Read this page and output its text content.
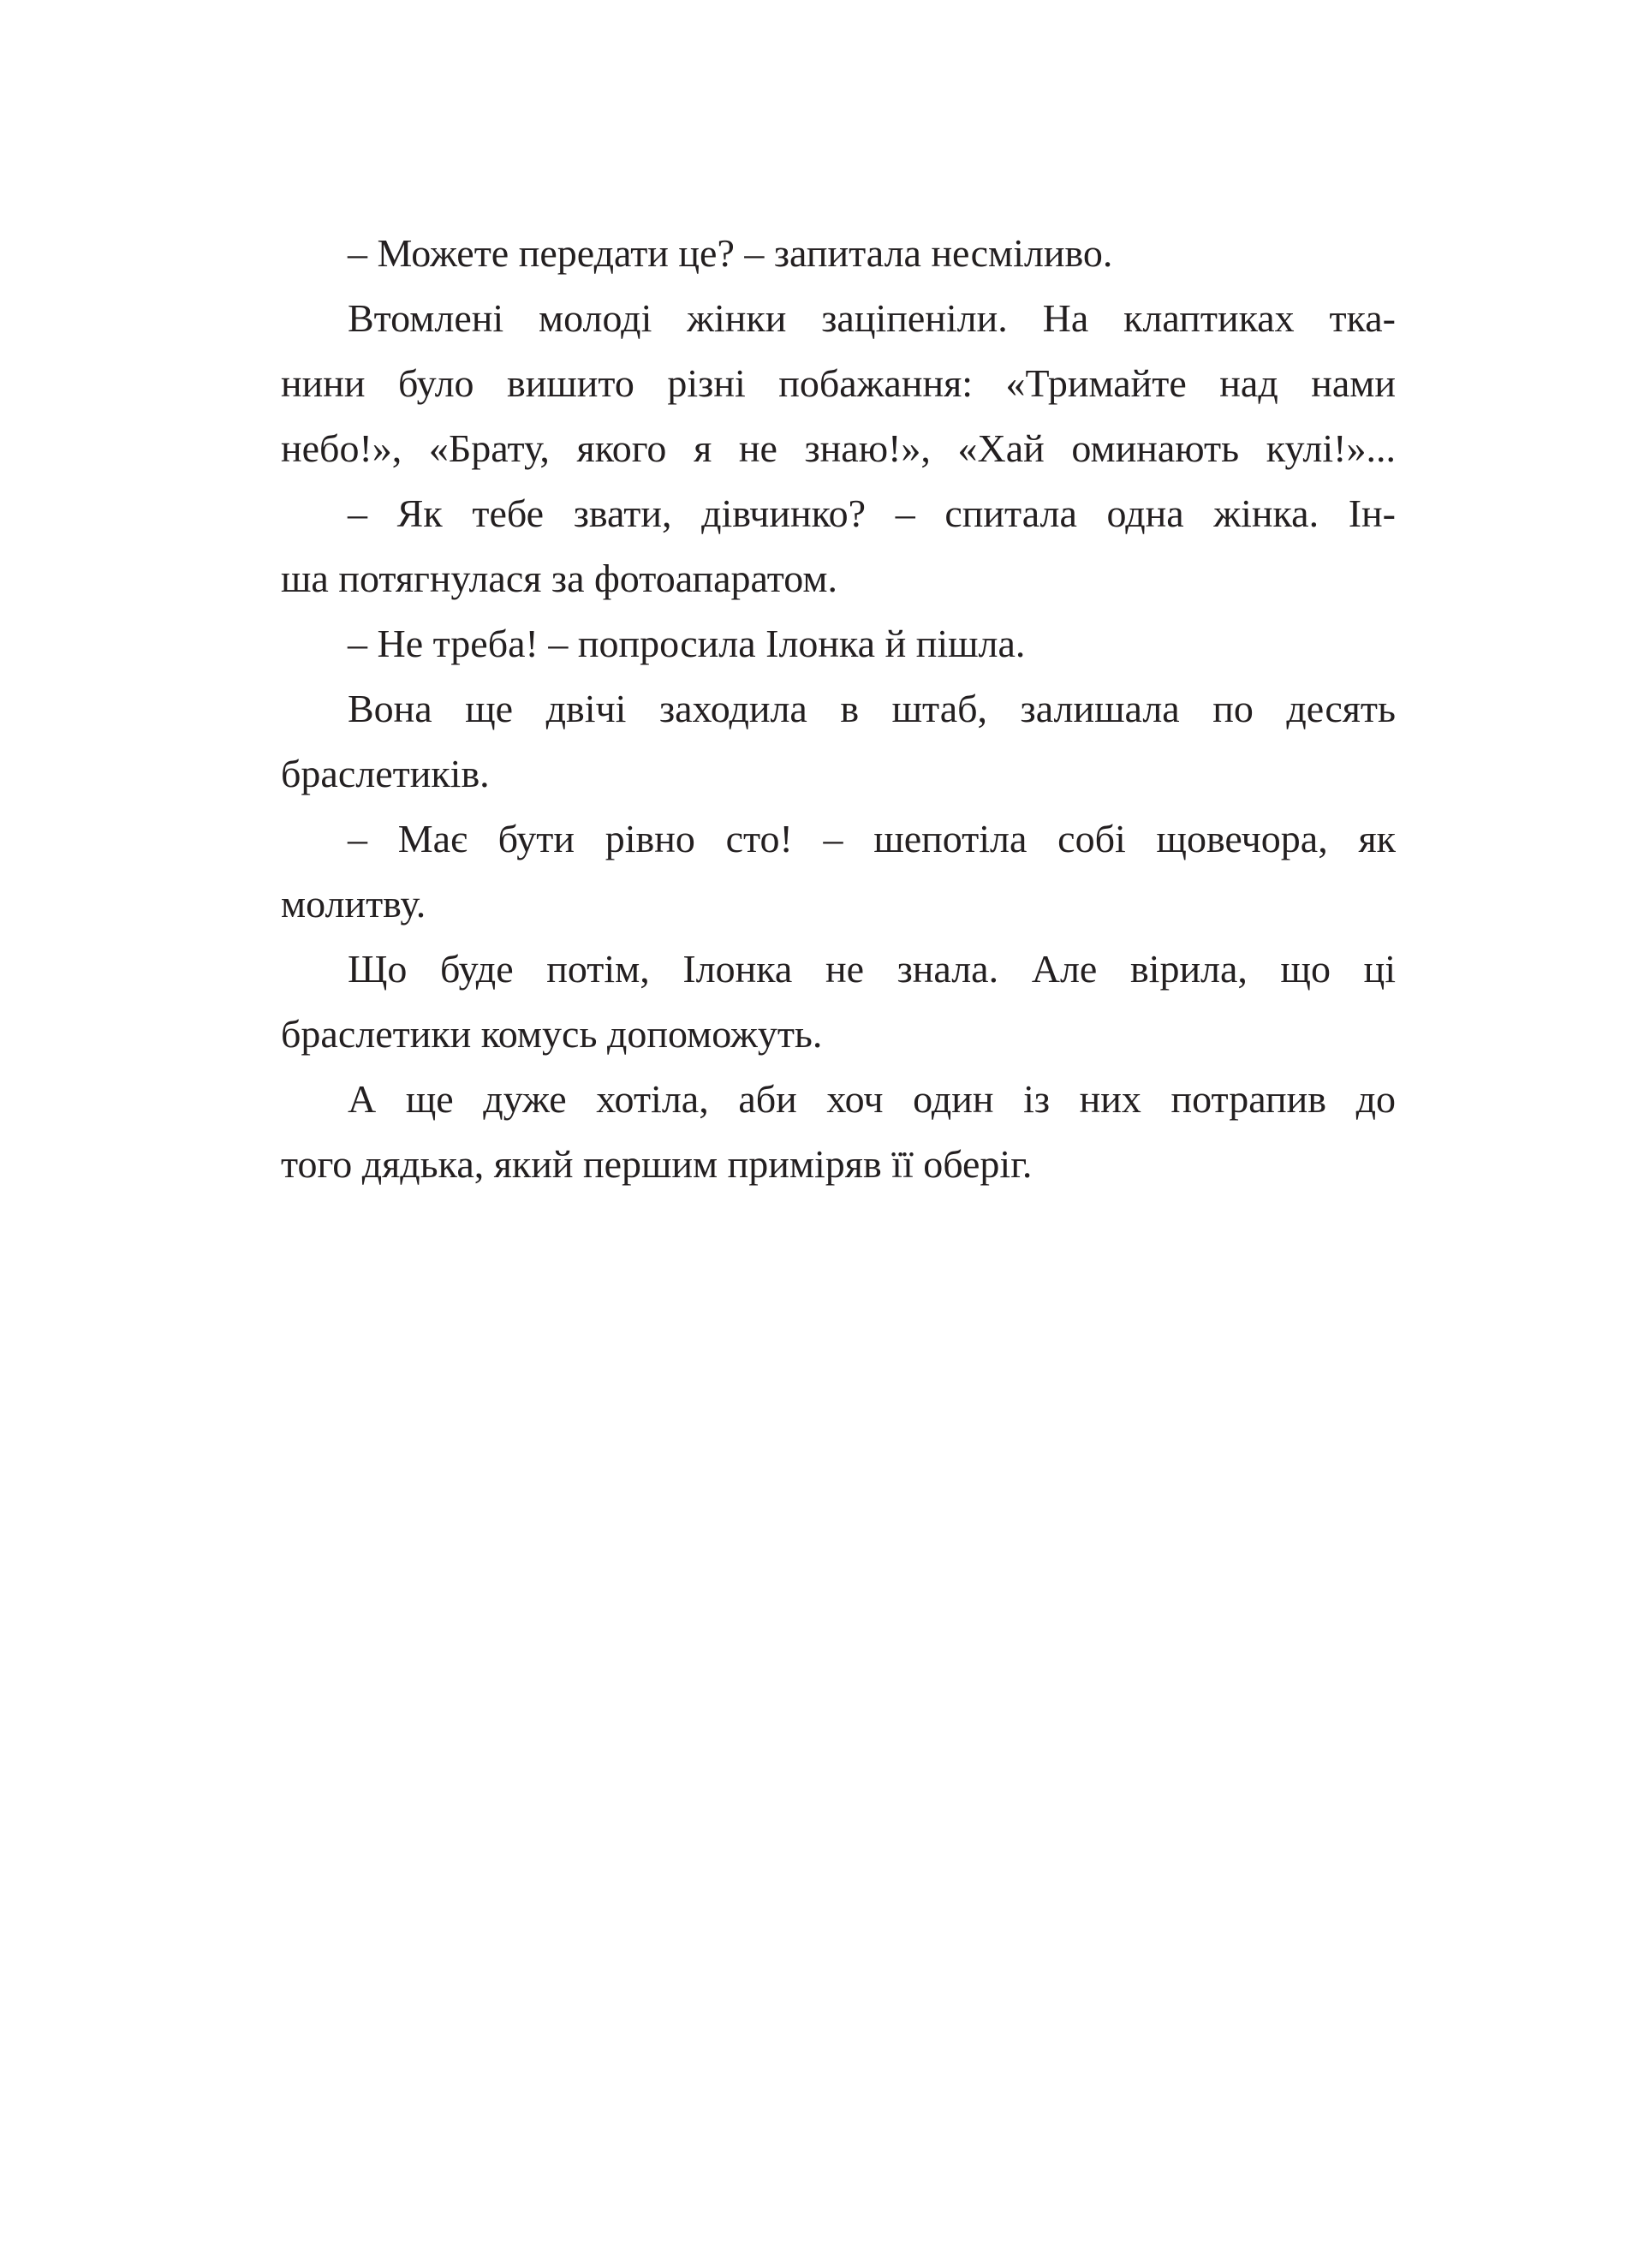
– Можете передати це? – запитала несміливо.
Втомлені молоді жінки заціпеніли. На клаптиках тка-
нини було вишито різні побажання: «Тримайте над нами
небо!», «Брату, якого я не знаю!», «Хай оминають кулі!»...
– Як тебе звати, дівчинко? – спитала одна жінка. Ін-
ша потягнулася за фотоапаратом.
– Не треба! – попросила Ілонка й пішла.
Вона ще двічі заходила в штаб, залишала по десять
браслетиків.
– Має бути рівно сто! – шепотіла собі щовечора, як
молитву.
Що буде потім, Ілонка не знала. Але вірила, що ці
браслетики комусь допоможуть.
А ще дуже хотіла, аби хоч один із них потрапив до
того дядька, який першим приміряв її оберіг.
